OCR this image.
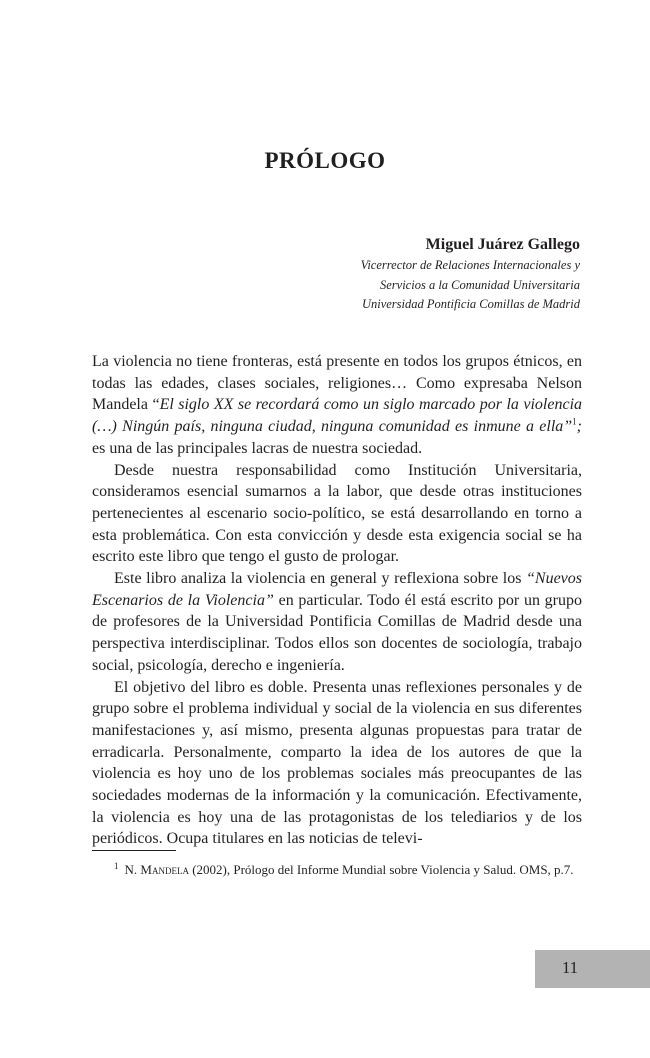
PRÓLOGO
Miguel Juárez Gallego
Vicerrector de Relaciones Internacionales y
Servicios a la Comunidad Universitaria
Universidad Pontificia Comillas de Madrid

La violencia no tiene fronteras, está presente en todos los grupos étnicos, en todas las edades, clases sociales, religiones… Como expresaba Nelson Mandela “El siglo XX se recordará como un siglo marcado por la violencia (…) Ningún país, ninguna ciudad, ninguna comunidad es inmune a ella”$^1$; es una de las principales lacras de nuestra sociedad.

Desde nuestra responsabilidad como Institución Universitaria, consideramos esencial sumarnos a la labor, que desde otras instituciones pertenecientes al escenario socio-político, se está desarrollando en torno a esta problemática. Con esta convicción y desde esta exigencia social se ha escrito este libro que tengo el gusto de prologar.

Este libro analiza la violencia en general y reflexiona sobre los “Nuevos Escenarios de la Violencia” en particular. Todo él está escrito por un grupo de profesores de la Universidad Pontificia Comillas de Madrid desde una perspectiva interdisciplinar. Todos ellos son docentes de sociología, trabajo social, psicología, derecho e ingeniería.

El objetivo del libro es doble. Presenta unas reflexiones personales y de grupo sobre el problema individual y social de la violencia en sus diferentes manifestaciones y, así mismo, presenta algunas propuestas para tratar de erradicarla. Personalmente, comparto la idea de los autores de que la violencia es hoy uno de los problemas sociales más preocupantes de las sociedades modernas de la información y la comunicación. Efectivamente, la violencia es hoy una de las protagonistas de los telediarios y de los periódicos. Ocupa titulares en las noticias de televi-

$^1$ N. Mandela (2002), Prólogo del Informe Mundial sobre Violencia y Salud. OMS, p.7.
11
